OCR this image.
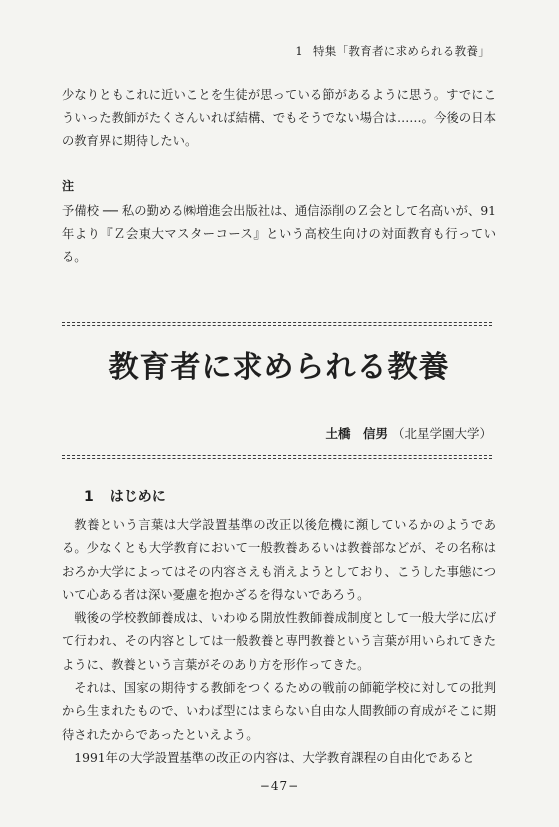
1 特集「教育者に求められる教養」

少なりともこれに近いことを生徒が思っている節があるように思う。すでにこういった教師がたくさんいれば結構、でもそうでない場合は……。今後の日本の教育界に期待したい。

注

予備校 ── 私の勤める㈱増進会出版社は、通信添削のＺ会として名高いが、91年より『Ｚ会東大マスターコース』という高校生向けの対面教育も行っている。

教育者に求められる教養
土橋　信男 （北星学園大学）
1 はじめに

教養という言葉は大学設置基準の改正以後危機に瀕しているかのようである。少なくとも大学教育において一般教養あるいは教養部などが、その名称はおろか大学によってはその内容さえも消えようとしており、こうした事態について心ある者は深い憂慮を抱かざるを得ないであろう。

戦後の学校教師養成は、いわゆる開放性教師養成制度として一般大学に広げて行われ、その内容としては一般教養と専門教養という言葉が用いられてきたように、教養という言葉がそのあり方を形作ってきた。

それは、国家の期待する教師をつくるための戦前の師範学校に対しての批判から生まれたもので、いわば型にはまらない自由な人間教師の育成がそこに期待されたからであったといえよう。

1991年の大学設置基準の改正の内容は、大学教育課程の自由化であると

−47−
